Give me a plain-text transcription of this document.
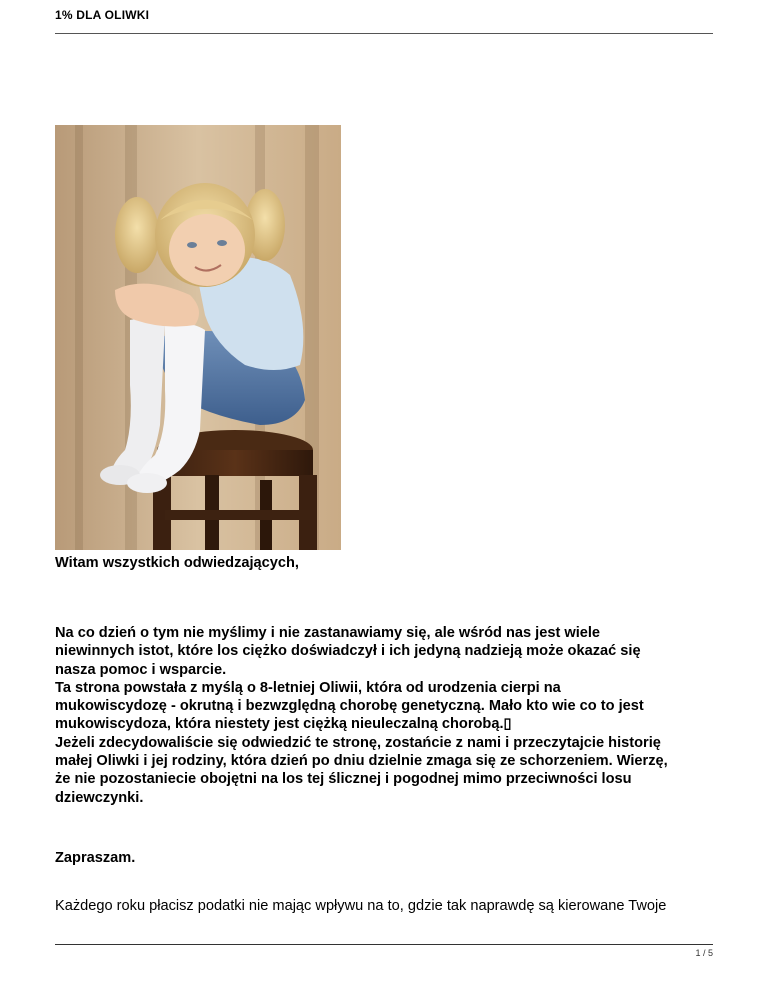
1% DLA OLIWKI
Witam wszystkich odwiedzających,

Na co dzień o tym nie myślimy i nie zastanawiamy się, ale wśród nas jest wiele

niewinnych istot, które los ciężko doświadczył i ich jedyną nadzieją może okazać się

nasza pomoc i wsparcie.

Ta strona powstała z myślą o 8-letniej Oliwii, która od urodzenia cierpi na

mukowiscydozę - okrutną i bezwzględną chorobę genetyczną. Mało kto wie co to jest

mukowiscydoza, która niestety jest ciężką nieuleczalną chorobą.▯

Jeżeli zdecydowaliście się odwiedzić te stronę, zostańcie z nami i przeczytajcie historię

małej Oliwki i jej rodziny, która dzień po dniu dzielnie zmaga się ze schorzeniem. Wierzę,

że nie pozostaniecie obojętni na los tej ślicznej i pogodnej mimo przeciwności losu

dziewczynki.

Zapraszam.
Każdego roku płacisz podatki nie mając wpływu na to, gdzie tak naprawdę są kierowane Twoje
1 / 5
